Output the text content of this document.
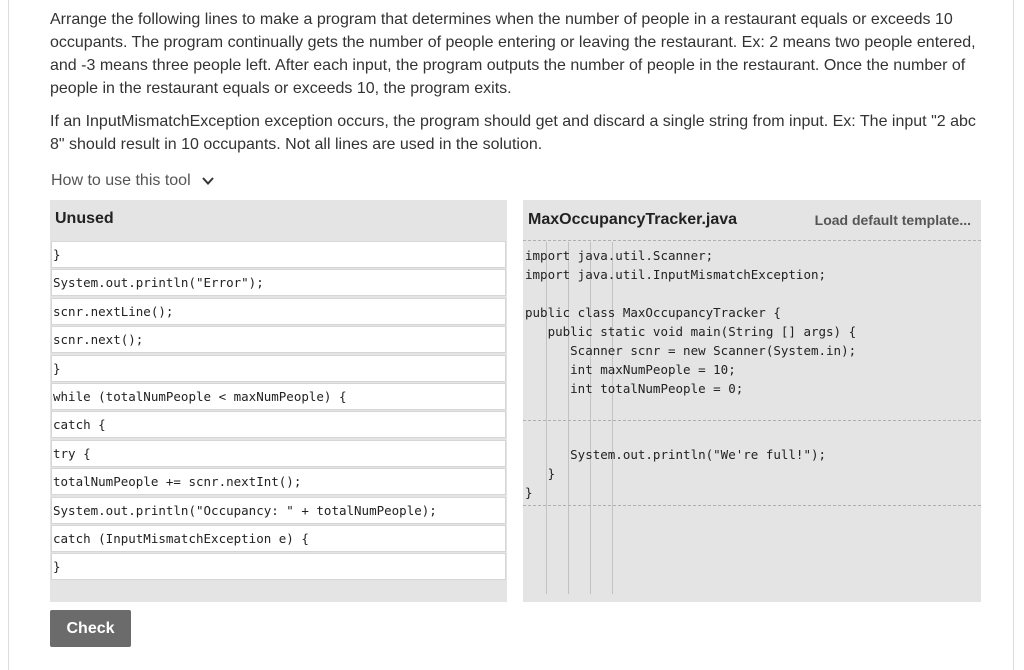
Arrange the following lines to make a program that determines when the number of people in a restaurant equals or exceeds 10 occupants. The program continually gets the number of people entering or leaving the restaurant. Ex: 2 means two people entered, and -3 means three people left. After each input, the program outputs the number of people in the restaurant. Once the number of people in the restaurant equals or exceeds 10, the program exits.
If an InputMismatchException exception occurs, the program should get and discard a single string from input. Ex: The input "2 abc 8" should result in 10 occupants. Not all lines are used in the solution.
How to use this tool
Unused
}
System.out.println("Error");
scnr.nextLine();
scnr.next();
}
while (totalNumPeople < maxNumPeople) {
catch {
try {
totalNumPeople += scnr.nextInt();
System.out.println("Occupancy: " + totalNumPeople);
catch (InputMismatchException e) {
}
MaxOccupancyTracker.java	Load default template...
import java.util.Scanner;
import java.util.InputMismatchException;
public class MaxOccupancyTracker {
public static void main(String [] args) {
Scanner scnr = new Scanner(System.in);
int maxNumPeople = 10;
int totalNumPeople = 0;
System.out.println("We're full!");
}
}
Check
